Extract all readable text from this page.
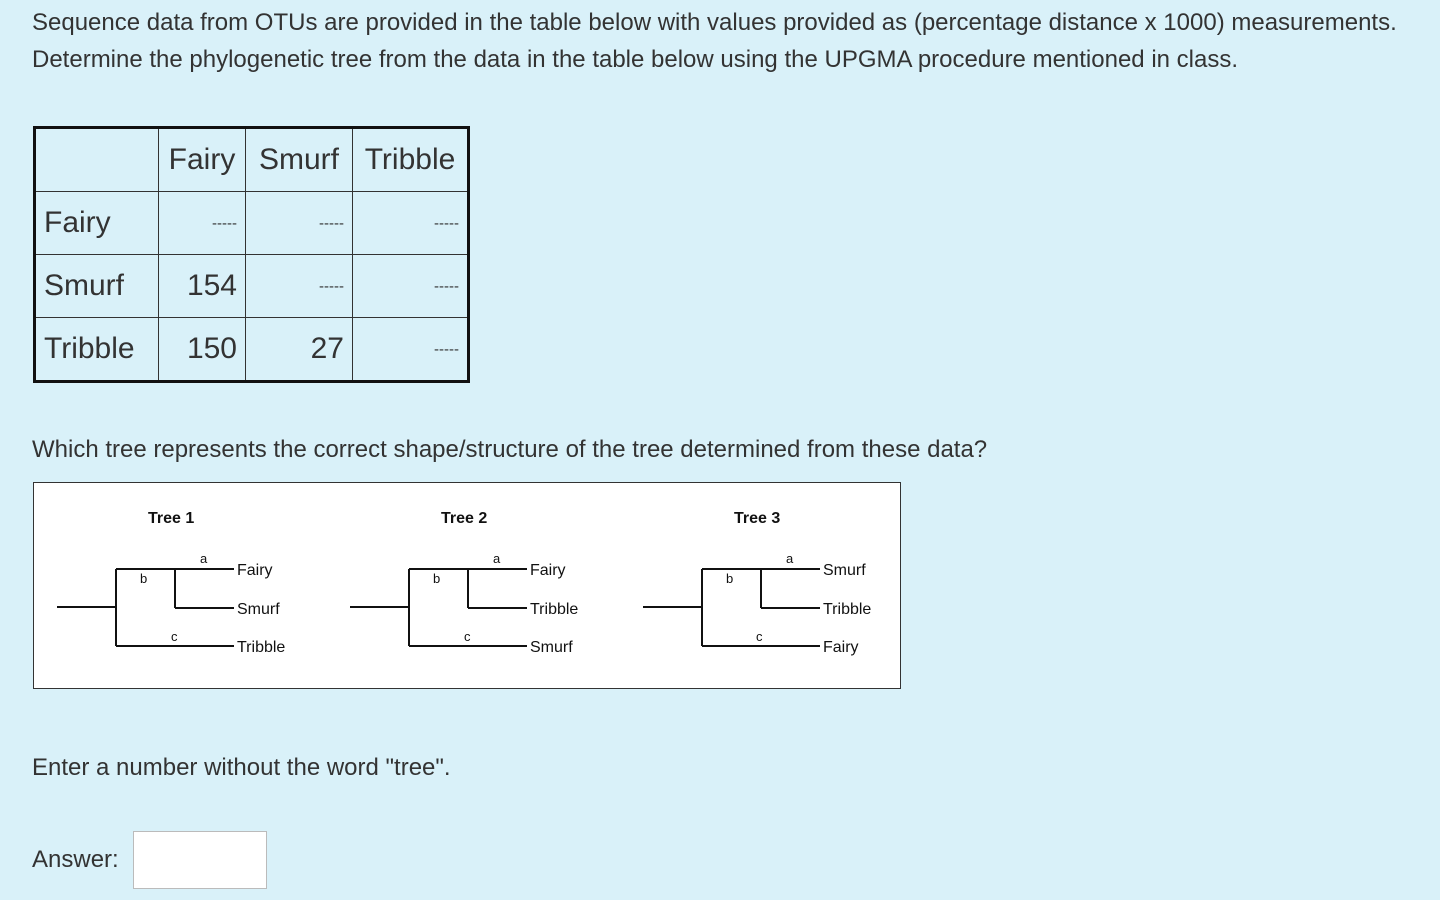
Sequence data from OTUs are provided in the table below with values provided as (percentage distance x 1000) measurements. Determine the phylogenetic tree from the data in the table below using the UPGMA procedure mentioned in class.

	Fairy	Smurf	Tribble
Fairy	-----	-----	-----
Smurf	154	-----	-----
Tribble	150	27	-----

Which tree represents the correct shape/structure of the tree determined from these data?

Tree 1
b
a
c
Fairy
Smurf
Tribble
Tree 2
b
a
c
Fairy
Tribble
Smurf
Tree 3
b
a
c
Smurf
Tribble
Fairy

Enter a number without the word "tree".

Answer:
